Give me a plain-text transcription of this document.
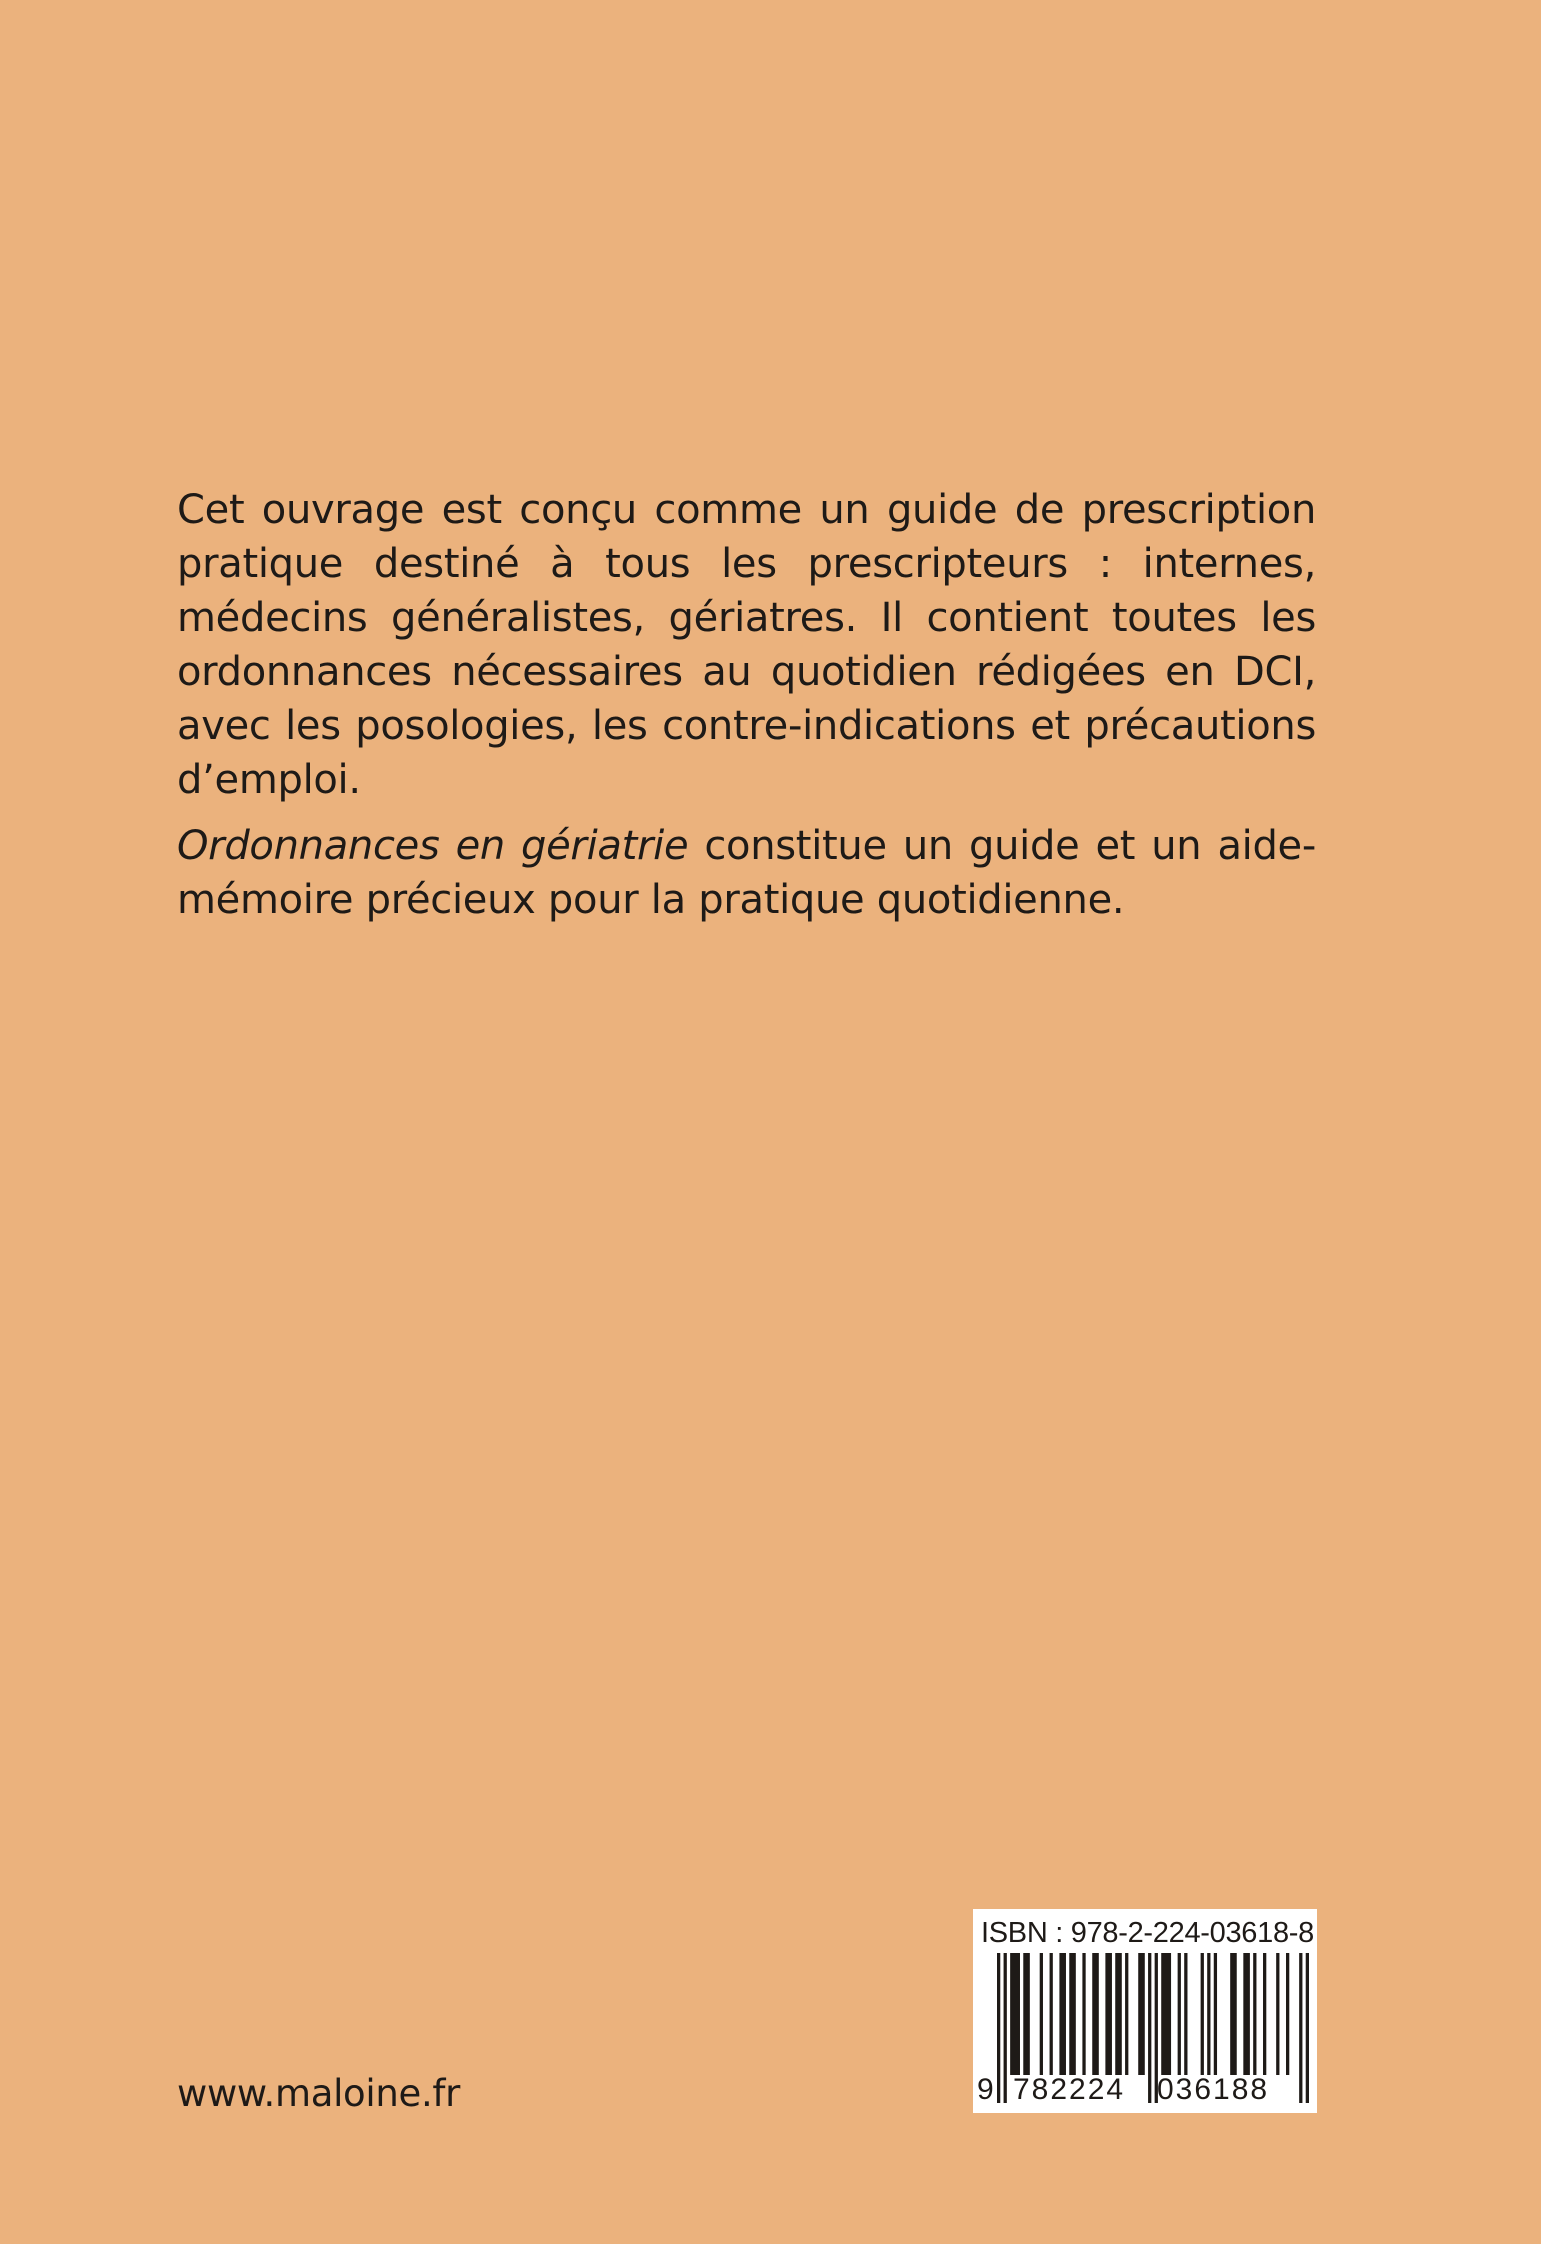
Cet ouvrage est conçu comme un guide de prescription pratique destiné à tous les prescripteurs : internes, médecins généralistes, gériatres. Il contient toutes les ordonnances nécessaires au quotidien rédigées en DCI, avec les posologies, les contre-indications et précautions d’emploi.

Ordonnances en gériatrie constitue un guide et un aide-mémoire précieux pour la pratique quotidienne.

www.maloine.fr
ISBN : 978-2-224-03618-8
9 782224 036188
